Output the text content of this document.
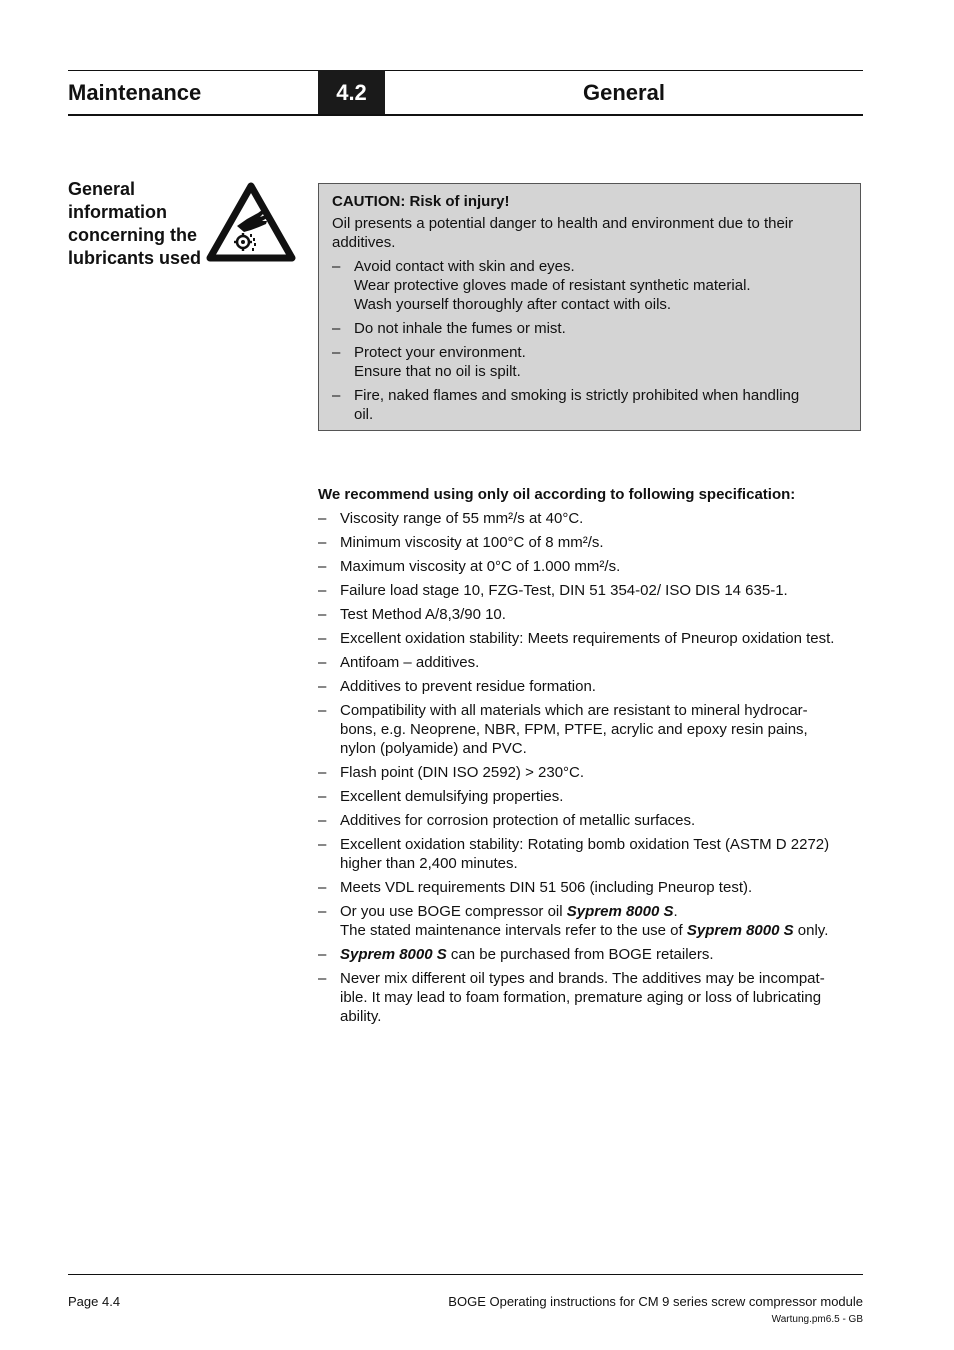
Maintenance	4.2	General
General information concerning the lubricants used
CAUTION: Risk of injury!
Oil presents a potential danger to health and environment due to their
additives.
– Avoid contact with skin and eyes.
Wear protective gloves made of resistant synthetic material.
Wash yourself thoroughly after contact with oils.
– Do not inhale the fumes or mist.
– Protect your environment.
Ensure that no oil is spilt.
– Fire, naked flames and smoking is strictly prohibited when handling
oil.
We recommend using only oil according to following specification:
– Viscosity range of 55 mm²/s at 40°C.
– Minimum viscosity at 100°C of 8 mm²/s.
– Maximum viscosity at 0°C of 1.000 mm²/s.
– Failure load stage 10, FZG-Test, DIN 51 354-02/ ISO DIS 14 635-1.
– Test Method A/8,3/90 10.
– Excellent oxidation stability: Meets requirements of Pneurop oxidation test.
– Antifoam – additives.
– Additives to prevent residue formation.
– Compatibility with all materials which are resistant to mineral hydrocar-
bons, e.g. Neoprene, NBR, FPM, PTFE, acrylic and epoxy resin pains,
nylon (polyamide) and PVC.
– Flash point (DIN ISO 2592) > 230°C.
– Excellent demulsifying properties.
– Additives for corrosion protection of metallic surfaces.
– Excellent oxidation stability: Rotating bomb oxidation Test (ASTM D 2272)
higher than 2,400 minutes.
– Meets VDL requirements DIN 51 506 (including Pneurop test).
– Or you use BOGE compressor oil Syprem 8000 S.
The stated maintenance intervals refer to the use of Syprem 8000 S only.
– Syprem 8000 S can be purchased from BOGE retailers.
– Never mix different oil types and brands. The additives may be incompat-
ible. It may lead to foam formation, premature aging or loss of lubricating
ability.
Page 4.4	BOGE Operating instructions for CM 9 series screw compressor module
Wartung.pm6.5 - GB
